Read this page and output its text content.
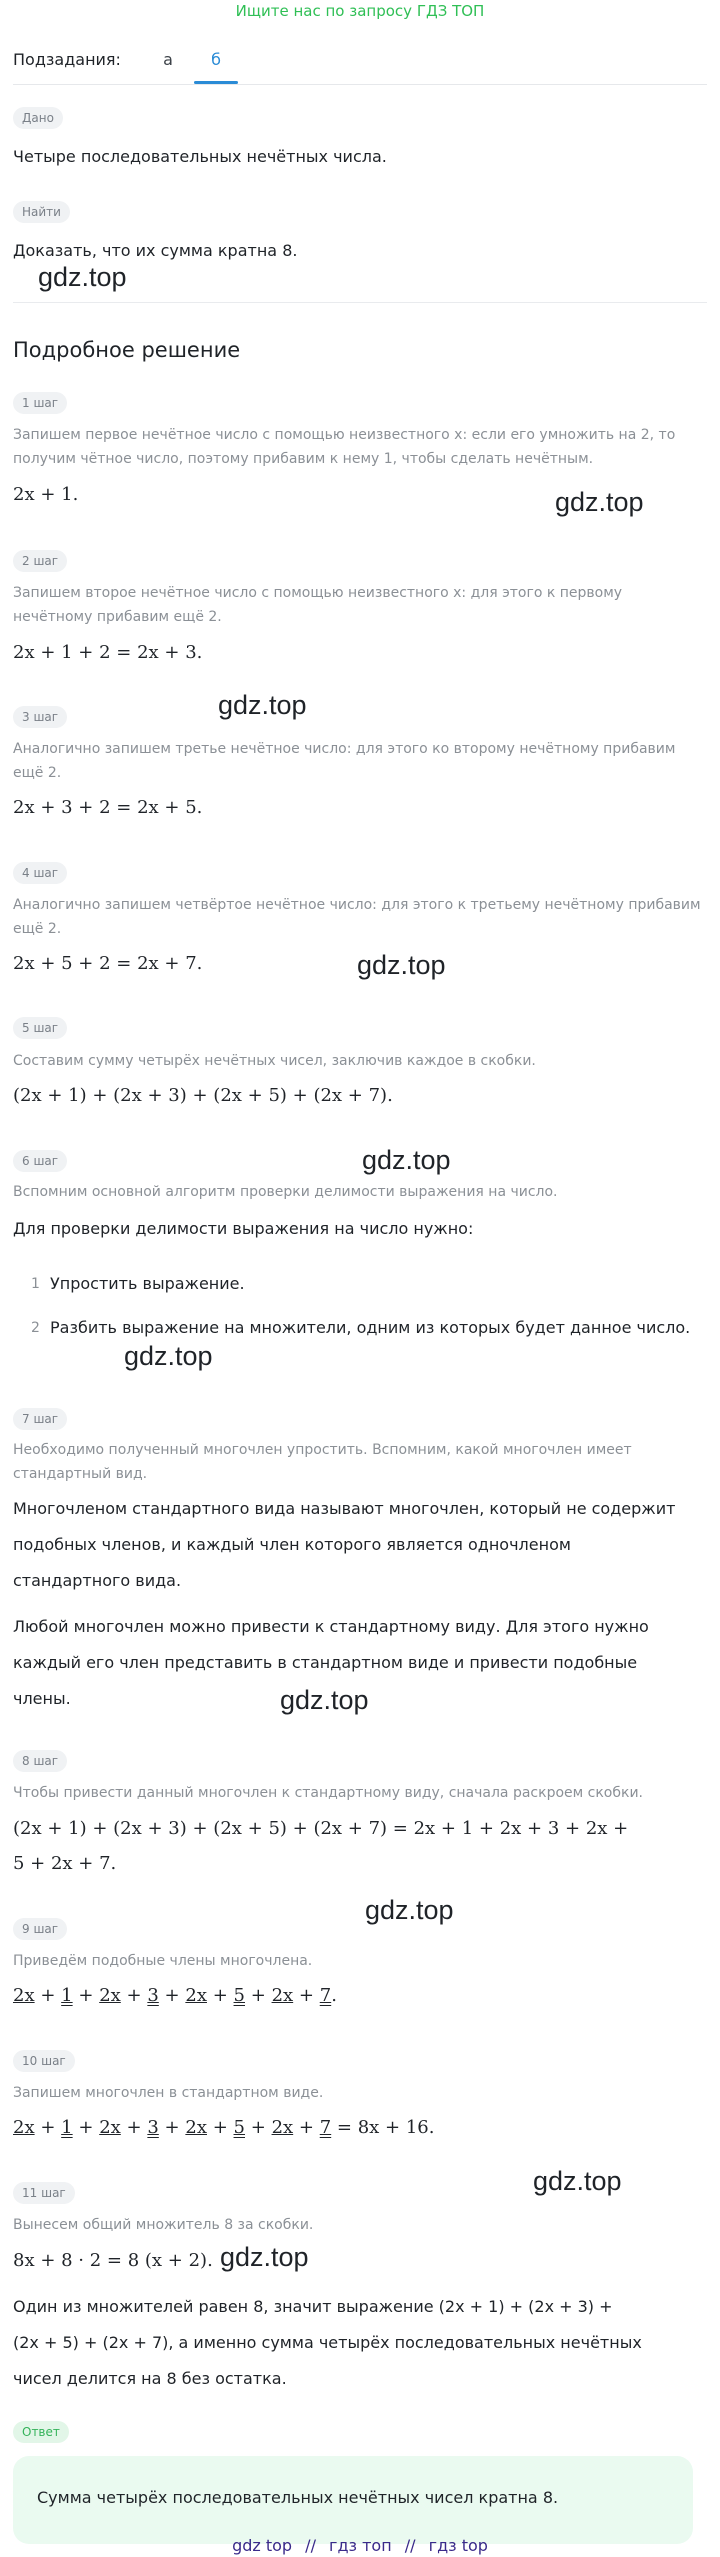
Ищите нас по запросу ГДЗ ТОП
Подзадания:	а	б
Дано
Четыре последовательных нечётных числа.
Найти
Доказать, что их сумма кратна 8.
gdz.top
Подробное решение
1 шаг
Запишем первое нечётное число с помощью неизвестного x: если его умножить на 2, то получим чётное число, поэтому прибавим к нему 1, чтобы сделать нечётным.
2x + 1.	gdz.top
2 шаг
Запишем второе нечётное число с помощью неизвестного x: для этого к первому нечётному прибавим ещё 2.
2x + 1 + 2 = 2x + 3.
gdz.top
3 шаг
Аналогично запишем третье нечётное число: для этого ко второму нечётному прибавим ещё 2.
2x + 3 + 2 = 2x + 5.
4 шаг
Аналогично запишем четвёртое нечётное число: для этого к третьему нечётному прибавим ещё 2.
2x + 5 + 2 = 2x + 7.	gdz.top
5 шаг
Составим сумму четырёх нечётных чисел, заключив каждое в скобки.
(2x + 1) + (2x + 3) + (2x + 5) + (2x + 7).
gdz.top
6 шаг
Вспомним основной алгоритм проверки делимости выражения на число.
Для проверки делимости выражения на число нужно:
1 Упростить выражение.
2 Разбить выражение на множители, одним из которых будет данное число.
gdz.top
7 шаг
Необходимо полученный многочлен упростить. Вспомним, какой многочлен имеет стандартный вид.
Многочленом стандартного вида называют многочлен, который не содержит
подобных членов, и каждый член которого является одночленом
стандартного вида.
Любой многочлен можно привести к стандартному виду. Для этого нужно
каждый его член представить в стандартном виде и привести подобные
члены.	gdz.top
8 шаг
Чтобы привести данный многочлен к стандартному виду, сначала раскроем скобки.
(2x + 1) + (2x + 3) + (2x + 5) + (2x + 7) = 2x + 1 + 2x + 3 + 2x +
5 + 2x + 7.
gdz.top
9 шаг
Приведём подобные члены многочлена.
2x + 1 + 2x + 3 + 2x + 5 + 2x + 7.
10 шаг
Запишем многочлен в стандартном виде.
2x + 1 + 2x + 3 + 2x + 5 + 2x + 7 = 8x + 16.
gdz.top
11 шаг
Вынесем общий множитель 8 за скобки.
8x + 8 · 2 = 8 (x + 2). gdz.top
Один из множителей равен 8, значит выражение (2x + 1) + (2x + 3) +
(2x + 5) + (2x + 7), а именно сумма четырёх последовательных нечётных
чисел делится на 8 без остатка.
Ответ
Сумма четырёх последовательных нечётных чисел кратна 8.
gdz top // гдз топ // гдз top
